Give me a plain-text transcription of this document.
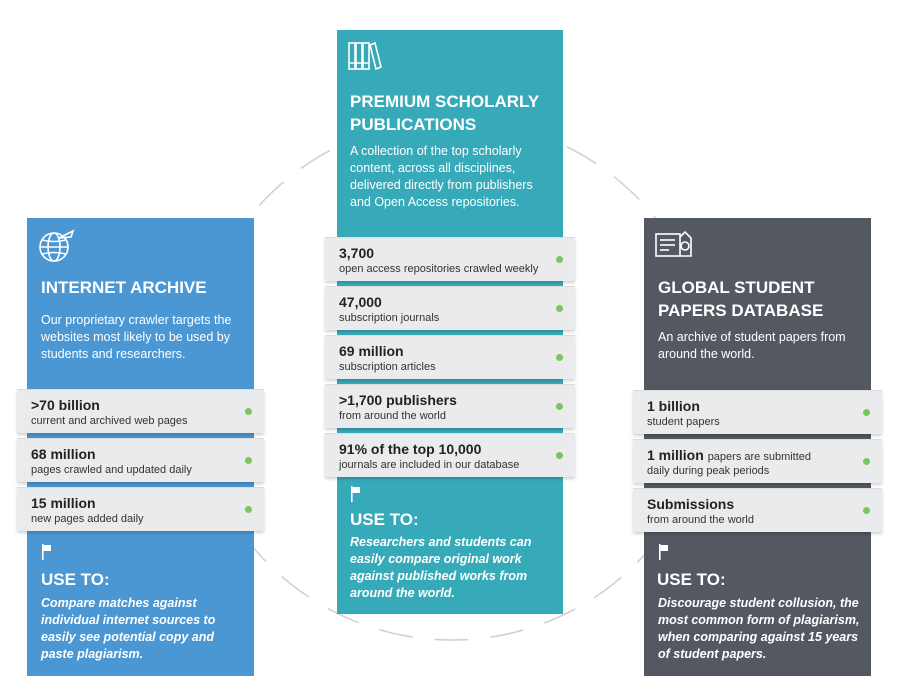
INTERNET ARCHIVE

Our proprietary crawler targets the websites most likely to be used by students and researchers.

USE TO:
Compare matches against individual internet sources to easily see potential copy and paste plagiarism.
>70 billion
current and archived web pages
68 million
pages crawled and updated daily
15 million
new pages added daily
PREMIUM SCHOLARLY PUBLICATIONS

A collection of the top scholarly content, across all disciplines, delivered directly from publishers and Open Access repositories.

USE TO:
Researchers and students can easily compare original work against published works from around the world.
3,700
open access repositories crawled weekly
47,000
subscription journals
69 million
subscription articles
>1,700 publishers
from around the world
91% of the top 10,000
journals are included in our database
GLOBAL STUDENT PAPERS DATABASE

An archive of student papers from around the world.

USE TO:
Discourage student collusion, the most common form of plagiarism, when comparing against 15 years of student papers.
1 billion
student papers
1 million papers are submitted
daily during peak periods
Submissions
from around the world
